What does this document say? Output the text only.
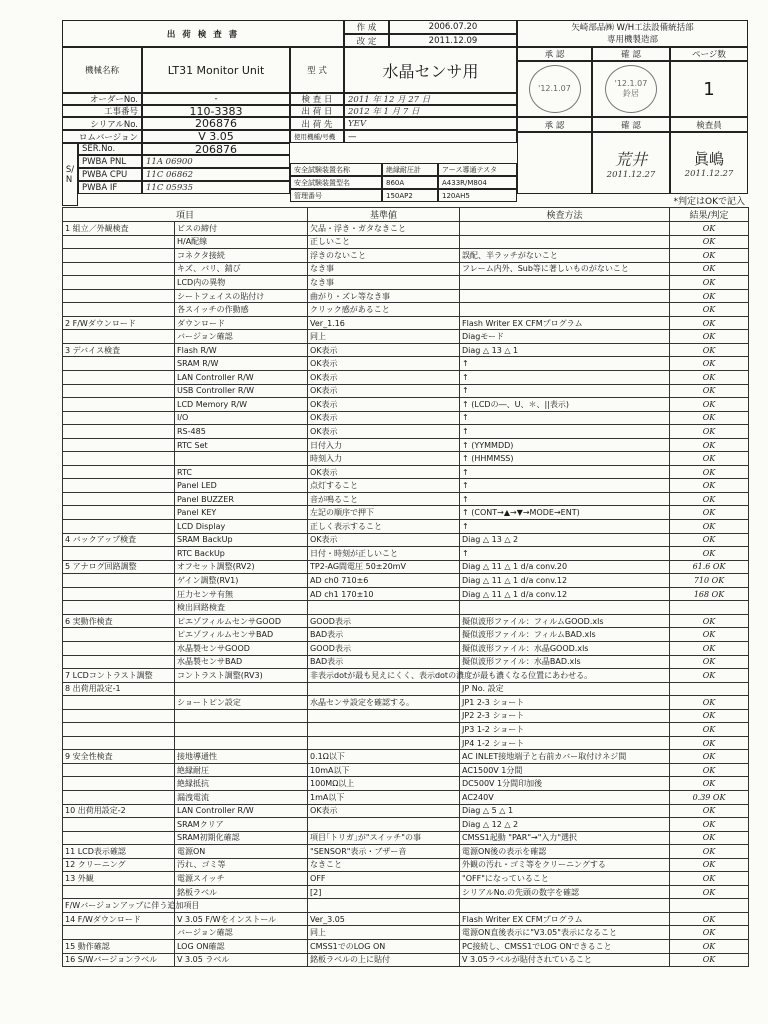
出 荷 検 査 書
作 成	2006.07.20
改 定	2011.12.09
矢崎部品㈱ W/H工法設備統括部
専用機製造部
機械名称	LT31 Monitor Unit	型 式	水晶センサ用
承 認	確 認	ページ数
'12.1.07
'12.1.07
鈴居	1
オーダーNo.	-
工事番号	110-3383
シリアルNo.	206876
ロムバージョン	V 3.05
S/N
SER.No.	206876
PWBA PNL	11A 06900
PWBA CPU	11C 06862
PWBA IF	11C 05935
検 査 日	2011 年 12 月 27 日
出 荷 日	2012 年 1 月 7 日
出 荷 先	YEV
使用機種/号機	—
安全試験装置名称	絶縁耐圧計	アース導通テスタ
安全試験装置型名	860A	A433R/M804
管理番号	150AP2	120AH5
承 認	確 認	検査員
荒井
2011.12.27
眞嶋
2011.12.27
*判定はOKで記入
項目		基準値	検査方法	結果/判定
1 組立／外観検査	ビスの締付	欠品・浮き・ガタなきこと		OK
	H/A配線	正しいこと		OK
	コネクタ接続	浮きのないこと	誤配、半ラッチがないこと	OK
	キズ、バリ、錆び	なき事	フレーム内外、Sub等に著しいものがないこと	OK
	LCD内の異物	なき事		OK
	シートフェイスの貼付け	曲がり・ズレ等なき事		OK
	各スイッチの作動感	クリック感があること		OK
2 F/Wダウンロード	ダウンロード	Ver_1.16	Flash Writer EX CFMプログラム	OK
	バージョン確認	同上	Diagモード	OK
3 デバイス検査	Flash R/W	OK表示	Diag △ 13 △ 1	OK
	SRAM R/W	OK表示	↑	OK
	LAN Controller R/W	OK表示	↑	OK
	USB Controller R/W	OK表示	↑	OK
	LCD Memory R/W	OK表示	↑ (LCDの―、U、＊、||表示)	OK
	I/O	OK表示	↑	OK
	RS-485	OK表示	↑	OK
	RTC Set	日付入力	↑ (YYMMDD)	OK
		時刻入力	↑ (HHMMSS)	OK
	RTC	OK表示	↑	OK
	Panel LED	点灯すること	↑	OK
	Panel BUZZER	音が鳴ること	↑	OK
	Panel KEY	左記の順序で押下	↑ (CONT→▲→▼→MODE→ENT)	OK
	LCD Display	正しく表示すること	↑	OK
4 バックアップ検査	SRAM BackUp	OK表示	Diag △ 13 △ 2	OK
	RTC BackUp	日付・時刻が正しいこと	↑	OK
5 アナログ回路調整	オフセット調整(RV2)	TP2-AG間電圧 50±20mV	Diag △ 11 △ 1 d/a conv.20	61.6 OK
	ゲイン調整(RV1)	AD ch0 710±6	Diag △ 11 △ 1 d/a conv.12	710 OK
	圧力センサ有無	AD ch1 170±10	Diag △ 11 △ 1 d/a conv.12	168 OK
	検出回路検査			
6 実動作検査	ピエゾフィルムセンサGOOD	GOOD表示	擬似波形ファイル：フィルムGOOD.xls	OK
	ピエゾフィルムセンサBAD	BAD表示	擬似波形ファイル：フィルムBAD.xls	OK
	水晶製センサGOOD	GOOD表示	擬似波形ファイル：水晶GOOD.xls	OK
	水晶製センサBAD	BAD表示	擬似波形ファイル：水晶BAD.xls	OK
7 LCDコントラスト調整	コントラスト調整(RV3)	非表示dotが最も見えにくく、表示dotの濃度が最も濃くなる位置にあわせる。		OK
8 出荷用設定-1			JP No. 設定	
	ショートピン設定	水晶センサ設定を確認する。	JP1 2-3 ショート	OK
			JP2 2-3 ショート	OK
			JP3 1-2 ショート	OK
			JP4 1-2 ショート	OK
9 安全性検査	接地導通性	0.1Ω以下	AC INLET接地端子と右前カバー取付けネジ間	OK
	絶縁耐圧	10mA以下	AC1500V 1分間	OK
	絶縁抵抗	100MΩ以上	DC500V 1分間印加後	OK
	漏洩電流	1mA以下	AC240V	0.39 OK
10 出荷用設定-2	LAN Controller R/W	OK表示	Diag △ 5 △ 1	OK
	SRAMクリア		Diag △ 12 △ 2	OK
	SRAM初期化確認	項目｢トリガ｣が"スイッチ"の事	CMSS1起動 "PAR"→"入力"選択	OK
11 LCD表示確認	電源ON	"SENSOR"表示・ブザー音	電源ON後の表示を確認	OK
12 クリーニング	汚れ、ゴミ等	なきこと	外観の汚れ・ゴミ等をクリーニングする	OK
13 外観	電源スイッチ	OFF	"OFF"になっていること	OK
	銘板ラベル	[2]	シリアルNo.の先頭の数字を確認	OK
F/Wバージョンアップに伴う追加項目				
14 F/Wダウンロード	V 3.05 F/Wをインストール	Ver_3.05	Flash Writer EX CFMプログラム	OK
	バージョン確認	同上	電源ON直後表示に"V3.05"表示になること	OK
15 動作確認	LOG ON確認	CMSS1でのLOG ON	PC接続し、CMSS1でLOG ONできること	OK
16 S/Wバージョンラベル	V 3.05 ラベル	銘板ラベルの上に貼付	V 3.05ラベルが貼付されていること	OK
